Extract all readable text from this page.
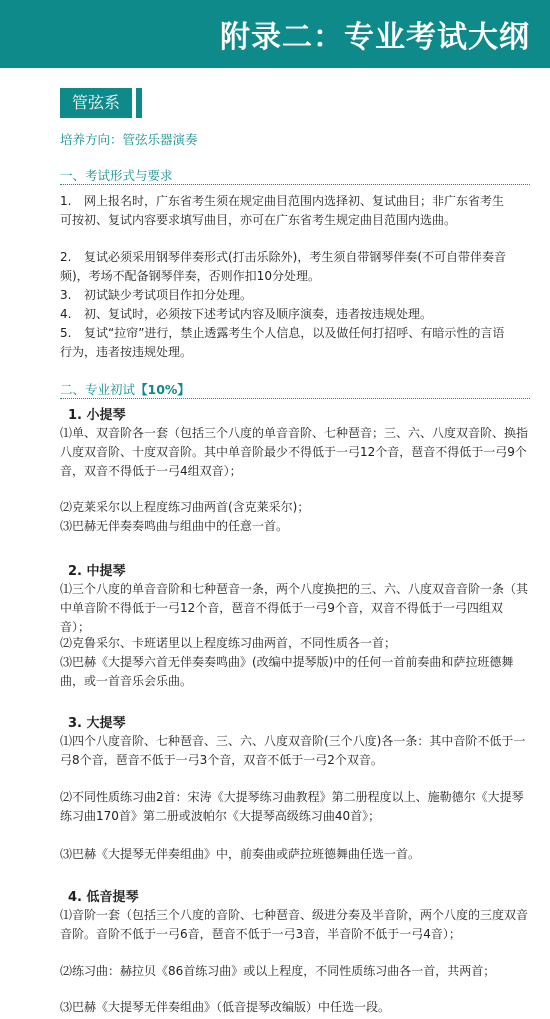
附录二：专业考试大纲
管弦系
培养方向：管弦乐器演奏
一、考试形式与要求
1. 网上报名时，广东省考生须在规定曲目范围内选择初、复试曲目；非广东省考生可按初、复试内容要求填写曲目，亦可在广东省考生规定曲目范围内选曲。
2. 复试必须采用钢琴伴奏形式(打击乐除外)，考生须自带钢琴伴奏(不可自带伴奏音频)，考场不配备钢琴伴奏，否则作扣10分处理。
3. 初试缺少考试项目作扣分处理。
4. 初、复试时，必须按下述考试内容及顺序演奏，违者按违规处理。
5. 复试“拉帘”进行，禁止透露考生个人信息，以及做任何打招呼、有暗示性的言语行为，违者按违规处理。
二、专业初试【10%】
1. 小提琴
⑴单、双音阶各一套（包括三个八度的单音音阶、七种琶音；三、六、八度双音阶、换指八度双音阶、十度双音阶。其中单音阶最少不得低于一弓12个音，琶音不得低于一弓9个音，双音不得低于一弓4组双音）；
⑵克莱采尔以上程度练习曲两首(含克莱采尔)；
⑶巴赫无伴奏奏鸣曲与组曲中的任意一首。
2. 中提琴
⑴三个八度的单音音阶和七种琶音一条，两个八度换把的三、六、八度双音音阶一条（其中单音阶不得低于一弓12个音，琶音不得低于一弓9个音，双音不得低于一弓四组双音）；
⑵克鲁采尔、卡班诺里以上程度练习曲两首，不同性质各一首；
⑶巴赫《大提琴六首无伴奏奏鸣曲》(改编中提琴版)中的任何一首前奏曲和萨拉班德舞曲，或一首音乐会乐曲。
3. 大提琴
⑴四个八度音阶、七种琶音、三、六、八度双音阶(三个八度)各一条：其中音阶不低于一弓8个音，琶音不低于一弓3个音，双音不低于一弓2个双音。
⑵不同性质练习曲2首：宋涛《大提琴练习曲教程》第二册程度以上、施勒德尔《大提琴练习曲170首》第二册或波帕尔《大提琴高级练习曲40首》；
⑶巴赫《大提琴无伴奏组曲》中，前奏曲或萨拉班德舞曲任选一首。
4. 低音提琴
⑴音阶一套（包括三个八度的音阶、七种琶音、级进分奏及半音阶，两个八度的三度双音音阶。音阶不低于一弓6音，琶音不低于一弓3音，半音阶不低于一弓4音）；
⑵练习曲：赫拉贝《86首练习曲》或以上程度，不同性质练习曲各一首，共两首；
⑶巴赫《大提琴无伴奏组曲》（低音提琴改编版）中任选一段。
